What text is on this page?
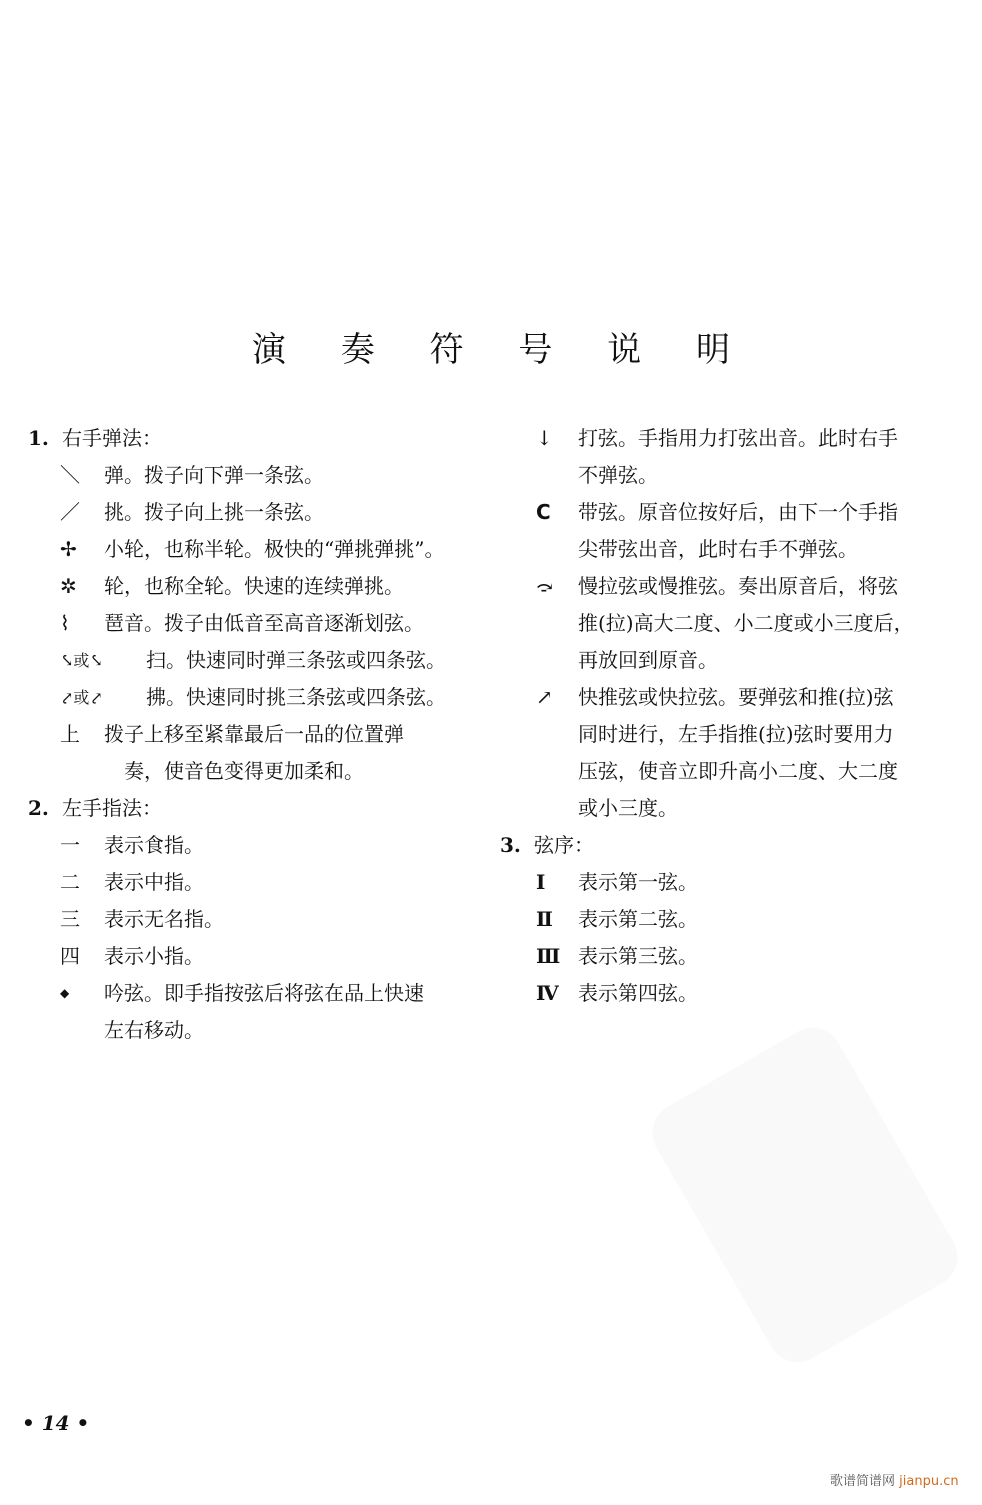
演 奏 符 号 说 明
1. 右手弹法：
＼	弹。拨子向下弹一条弦。
／	挑。拨子向上挑一条弦。
✢	小轮，也称半轮。极快的“弹挑弹挑”。
✲	轮，也称全轮。快速的连续弹挑。
⌇	琶音。拨子由低音至高音逐渐划弦。
⤥或⤥	扫。快速同时弹三条弦或四条弦。
⤤或⤤	拂。快速同时挑三条弦或四条弦。
上	拨子上移至紧靠最后一品的位置弹
奏，使音色变得更加柔和。
2. 左手指法：
一	表示食指。
二	表示中指。
三	表示无名指。
四	表示小指。
◆	吟弦。即手指按弦后将弦在品上快速
左右移动。
↓	打弦。手指用力打弦出音。此时右手
不弹弦。
C	带弦。原音位按好后，由下一个手指
尖带弦出音，此时右手不弹弦。
⤼	慢拉弦或慢推弦。奏出原音后，将弦
推(拉)高大二度、小二度或小三度后，
再放回到原音。
↗	快推弦或快拉弦。要弹弦和推(拉)弦
同时进行，左手指推(拉)弦时要用力
压弦，使音立即升高小二度、大二度
或小三度。
3. 弦序：
Ⅰ	表示第一弦。
Ⅱ	表示第二弦。
Ⅲ 表示第三弦。
Ⅳ 表示第四弦。
• 14 •
歌谱简谱网 jianpu.cn
